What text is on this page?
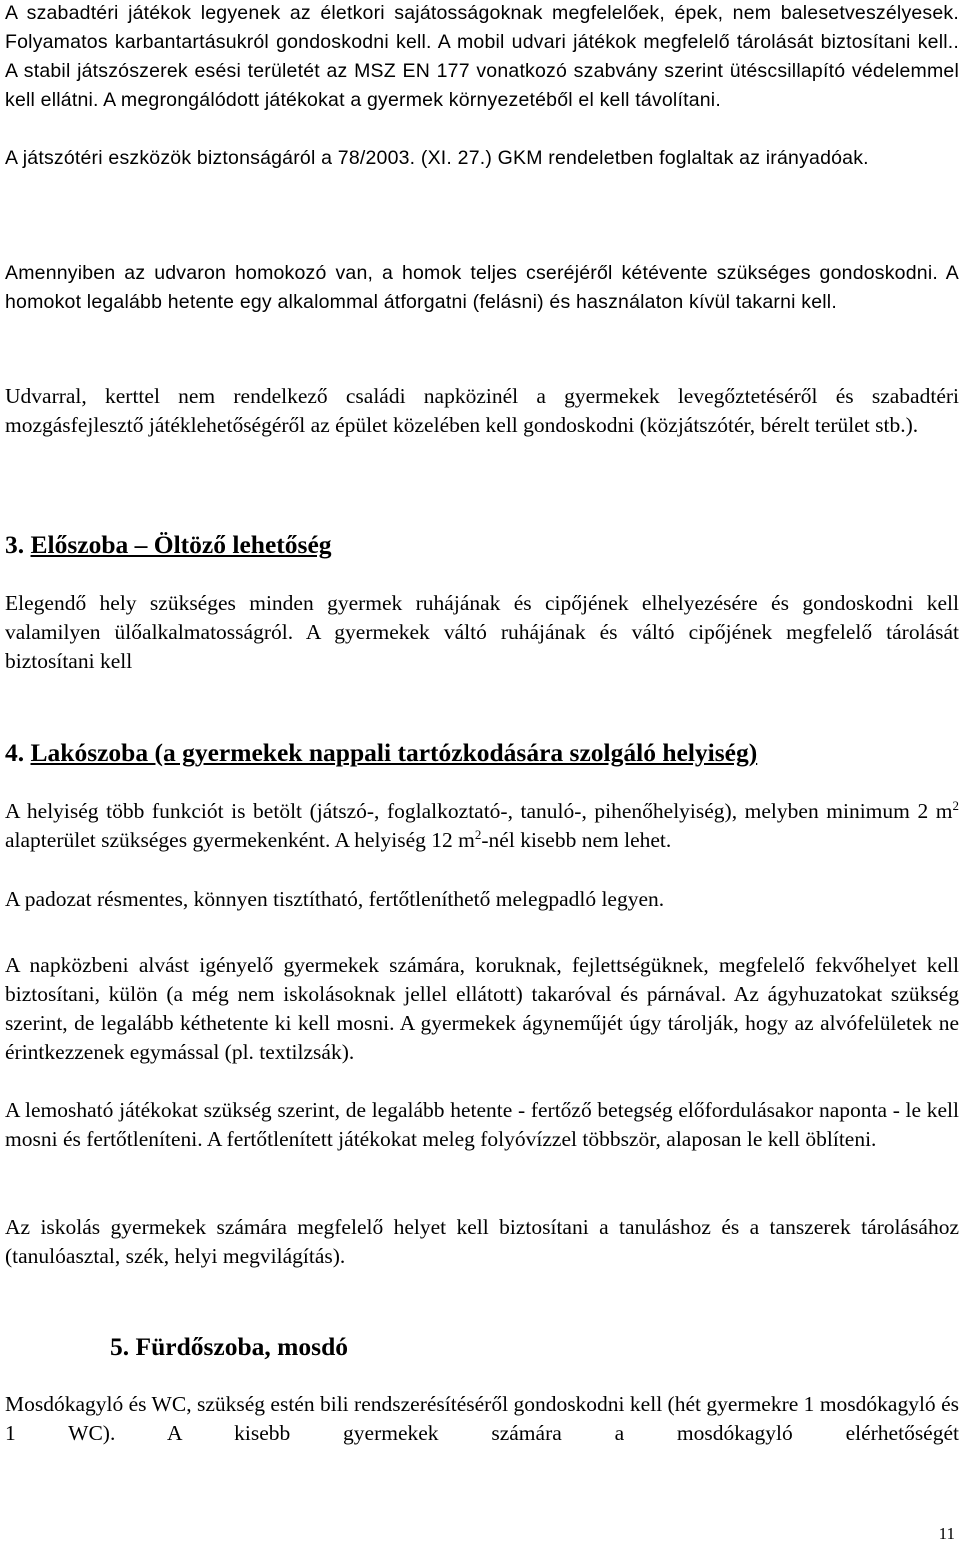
A szabadtéri játékok legyenek az életkori sajátosságoknak megfelelőek, épek, nem balesetveszélyesek. Folyamatos karbantartásukról gondoskodni kell. A mobil udvari játékok megfelelő tárolását biztosítani kell.. A stabil játszószerek esési területét az MSZ EN 177 vonatkozó szabvány szerint ütéscsillapító védelemmel kell ellátni. A megrongálódott játékokat a gyermek környezetéből el kell távolítani.

A játszótéri eszközök biztonságáról a 78/2003. (XI. 27.) GKM rendeletben foglaltak az irányadóak.

Amennyiben az udvaron homokozó van, a homok teljes cseréjéről kétévente szükséges gondoskodni. A homokot legalább hetente egy alkalommal átforgatni (felásni) és használaton kívül takarni kell.

Udvarral, kerttel nem rendelkező családi napközinél a gyermekek levegőztetéséről és szabadtéri mozgásfejlesztő játéklehetőségéről az épület közelében kell gondoskodni (közjátszótér, bérelt terület stb.).

3. Előszoba – Öltöző lehetőség

Elegendő hely szükséges minden gyermek ruhájának és cipőjének elhelyezésére és gondoskodni kell valamilyen ülőalkalmatosságról. A gyermekek váltó ruhájának és váltó cipőjének megfelelő tárolását biztosítani kell

4. Lakószoba (a gyermekek nappali tartózkodására szolgáló helyiség)

A helyiség több funkciót is betölt (játszó-, foglalkoztató-, tanuló-, pihenőhelyiség), melyben minimum 2 $m^2$ alapterület szükséges gyermekenként. A helyiség 12 $m^2$-nél kisebb nem lehet.

A padozat résmentes, könnyen tisztítható, fertőtleníthető melegpadló legyen.

A napközbeni alvást igényelő gyermekek számára, koruknak, fejlettségüknek, megfelelő fekvőhelyet kell biztosítani, külön (a még nem iskolásoknak jellel ellátott) takaróval és párnával. Az ágyhuzatokat szükség szerint, de legalább kéthetente ki kell mosni. A gyermekek ágyneműjét úgy tárolják, hogy az alvófelületek ne érintkezzenek egymással (pl. textilzsák).

A lemosható játékokat szükség szerint, de legalább hetente - fertőző betegség előfordulásakor naponta - le kell mosni és fertőtleníteni. A fertőtlenített játékokat meleg folyóvízzel többször, alaposan le kell öblíteni.

Az iskolás gyermekek számára megfelelő helyet kell biztosítani a tanuláshoz és a tanszerek tárolásához (tanulóasztal, szék, helyi megvilágítás).

5. Fürdőszoba, mosdó

Mosdókagyló és WC, szükség estén bili rendszerésítéséről gondoskodni kell (hét gyermekre 1 mosdókagyló és 1 WC). A kisebb gyermekek számára a mosdókagyló elérhetőségét

11
